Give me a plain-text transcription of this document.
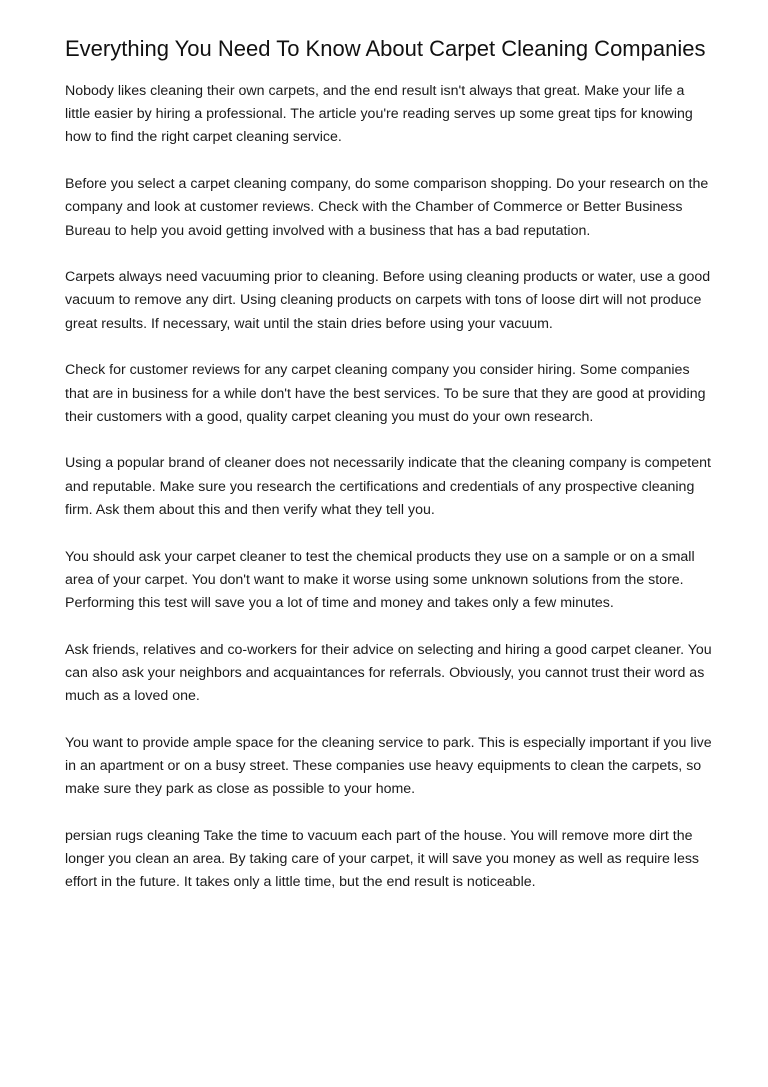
Everything You Need To Know About Carpet Cleaning Companies

Nobody likes cleaning their own carpets, and the end result isn't always that great. Make your life a little easier by hiring a professional. The article you're reading serves up some great tips for knowing how to find the right carpet cleaning service.

Before you select a carpet cleaning company, do some comparison shopping. Do your research on the company and look at customer reviews. Check with the Chamber of Commerce or Better Business Bureau to help you avoid getting involved with a business that has a bad reputation.

Carpets always need vacuuming prior to cleaning. Before using cleaning products or water, use a good vacuum to remove any dirt. Using cleaning products on carpets with tons of loose dirt will not produce great results. If necessary, wait until the stain dries before using your vacuum.

Check for customer reviews for any carpet cleaning company you consider hiring. Some companies that are in business for a while don't have the best services. To be sure that they are good at providing their customers with a good, quality carpet cleaning you must do your own research.

Using a popular brand of cleaner does not necessarily indicate that the cleaning company is competent and reputable. Make sure you research the certifications and credentials of any prospective cleaning firm. Ask them about this and then verify what they tell you.

You should ask your carpet cleaner to test the chemical products they use on a sample or on a small area of your carpet. You don't want to make it worse using some unknown solutions from the store. Performing this test will save you a lot of time and money and takes only a few minutes.

Ask friends, relatives and co-workers for their advice on selecting and hiring a good carpet cleaner. You can also ask your neighbors and acquaintances for referrals. Obviously, you cannot trust their word as much as a loved one.

You want to provide ample space for the cleaning service to park. This is especially important if you live in an apartment or on a busy street. These companies use heavy equipments to clean the carpets, so make sure they park as close as possible to your home.

persian rugs cleaning Take the time to vacuum each part of the house. You will remove more dirt the longer you clean an area. By taking care of your carpet, it will save you money as well as require less effort in the future. It takes only a little time, but the end result is noticeable.
